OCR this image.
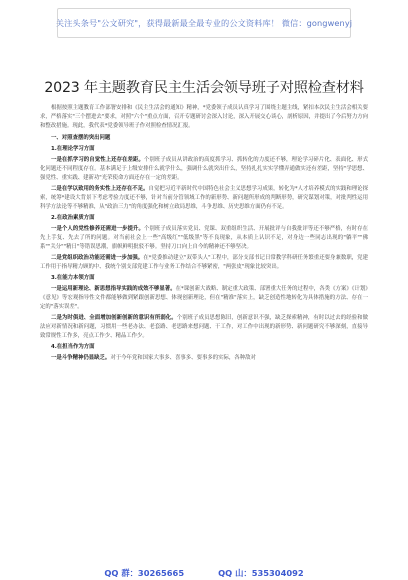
关注头条号"公文研究"，获得最新最全最专业的公文资料库！ 微信：gongwenyj
2023 年主题教育民主生活会领导班子对照检查材料
根据按照主题教育工作部署安排和《民主生活会的通知》精神，*党委领子成员认真学习了围绕主题主线，紧扣本次民主生活会相关要求，严格落实"三个摆进去"要求，对照"六个"重点方面，召开专题研讨会深入讨论，深入开展交心谈心，剖析原因，并提出了今后努力方向和整改措施。现此，我代表*党委领导班子作对照检查情况汇报。
一、对照查摆的突出问题
1.在理论学习方面
一是在抓学习的自觉性上还存在差距。个别班子成员从讲政治的高度抓学习、抓转化的力度还不够，理论学习碎片化、表面化、形式化问题还不同程度存在。基本满足于上级安排什么就学什么，强调什么就突出什么，坚持扎扎实实学懂弄通做实还有差距，坚持"学思想、强党性、重实践、建新功"光荣使命方面还存在一定的差距。
二是在学以致用的务实性上还存在不足。自觉把习近平新时代中国特色社会主义思想学习成果，转化为*人才培养模式的实践和理论探索，统筹*建设大背景下考虑考验力度还不够，针对当前分管领域工作的新形势、新问题所形成的判断形势，研究谋划对策，对批判性运用科学方法论等不够精准，从"政治三力"的角度强化和树立政局思维，斗争思维、历史思维方面仍有不足。
2.在政治素质方面
一是个人的党性修养还需进一步提升。个别班子成员落实党员、党课、双重组织生活、开展批评与自我批评等还不够严格，有时存在先上手复、先去了所的问题。对当前社会上一些"高级红""低级黑"等不良现象，从本质上认识不足，对身边一些同志出现的"躺平""佛系""关分""精日"等错误思潮，旗帜鲜明批驳不够。坚持刀口向上自今的精神还不够坚决。
二是党组织政治功能还需进一步加强。在*党委推动建立"双带头人"工程中，部分支部书记日常教学科研任务繁重还要身兼数职，党建工作用于指导精力顾的中、我统个别支部党建工作与业务工作结合不够紧密，"两张皮"现象比较突出。
3.在能力本领方面
一是运用新理论、新思想指导实践的成效不够显著。在*课创新大战略、制定重大政策、部署重大任务的过程中，各类《方案》《计划》《意见》等宏观指导性文件都能够做到紧跟创新思想、体现创新理论，但在"精准"落实上，缺乏创造性地转化为具体措施的方法、存在一定的"落实误差"。
二是为时俱进、全面增加创新创新的意识有所弱化。个别班子成员思想陈旧，创新意识不强，缺乏探索精神，有时以过去的经验和做法应对新情况和新问题，习惯用一些老办法、老套路、老思路来想问题、干工作，对工作中出现的新形势、新问题研究不够深刻，直接导致常规性工作多，亮点工作少、精品工作少。
4.在担当作为方面
一是斗争精神仍显缺乏。对于今年党和国家大事多、喜事多、要事多的实际，各种敌对
QQ 群：30265665	QQ 山：535304092
